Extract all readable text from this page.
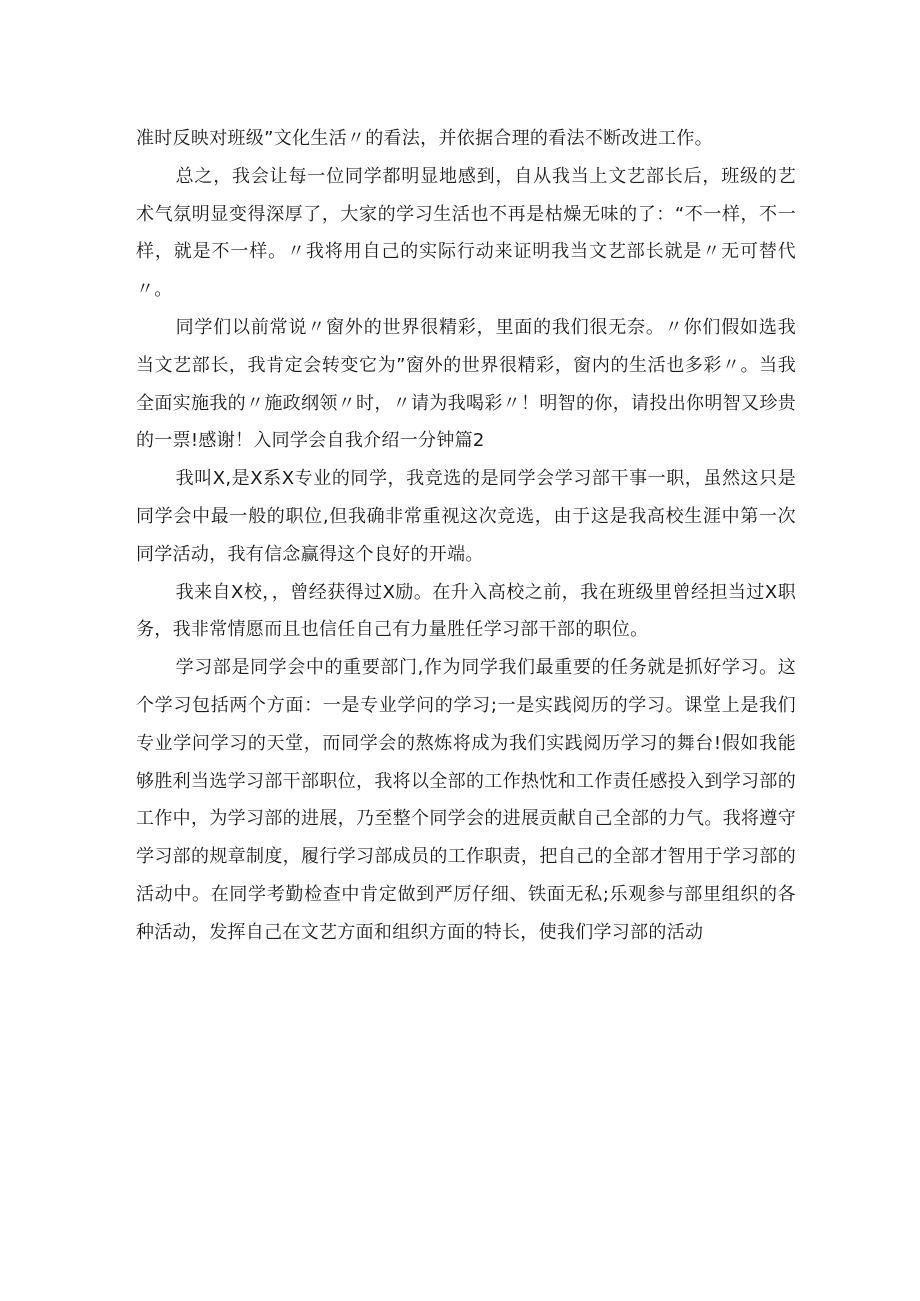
准时反映对班级”文化生活〃的看法，并依据合理的看法不断改进工作。

总之，我会让每一位同学都明显地感到，自从我当上文艺部长后，班级的艺术气氛明显变得深厚了，大家的学习生活也不再是枯燥无味的了：“不一样，不一样，就是不一样。〃我将用自己的实际行动来证明我当文艺部长就是〃无可替代〃。

同学们以前常说〃窗外的世界很精彩，里面的我们很无奈。〃你们假如选我当文艺部长，我肯定会转变它为”窗外的世界很精彩，窗内的生活也多彩〃。当我全面实施我的〃施政纲领〃时，〃请为我喝彩〃！明智的你，请投出你明智又珍贵的一票!感谢！入同学会自我介绍一分钟篇2

我叫X,是X系X专业的同学，我竞选的是同学会学习部干事一职，虽然这只是同学会中最一般的职位,但我确非常重视这次竞选，由于这是我高校生涯中第一次同学活动，我有信念赢得这个良好的开端。

我来自X校，，曾经获得过X励。在升入高校之前，我在班级里曾经担当过X职务，我非常情愿而且也信任自己有力量胜任学习部干部的职位。

学习部是同学会中的重要部门,作为同学我们最重要的任务就是抓好学习。这个学习包括两个方面：一是专业学问的学习;一是实践阅历的学习。课堂上是我们专业学问学习的天堂，而同学会的熬炼将成为我们实践阅历学习的舞台!假如我能够胜利当选学习部干部职位，我将以全部的工作热忱和工作责任感投入到学习部的工作中，为学习部的进展，乃至整个同学会的进展贡献自己全部的力气。我将遵守学习部的规章制度，履行学习部成员的工作职责，把自己的全部才智用于学习部的活动中。在同学考勤检查中肯定做到严厉仔细、铁面无私;乐观参与部里组织的各种活动，发挥自己在文艺方面和组织方面的特长，使我们学习部的活动
